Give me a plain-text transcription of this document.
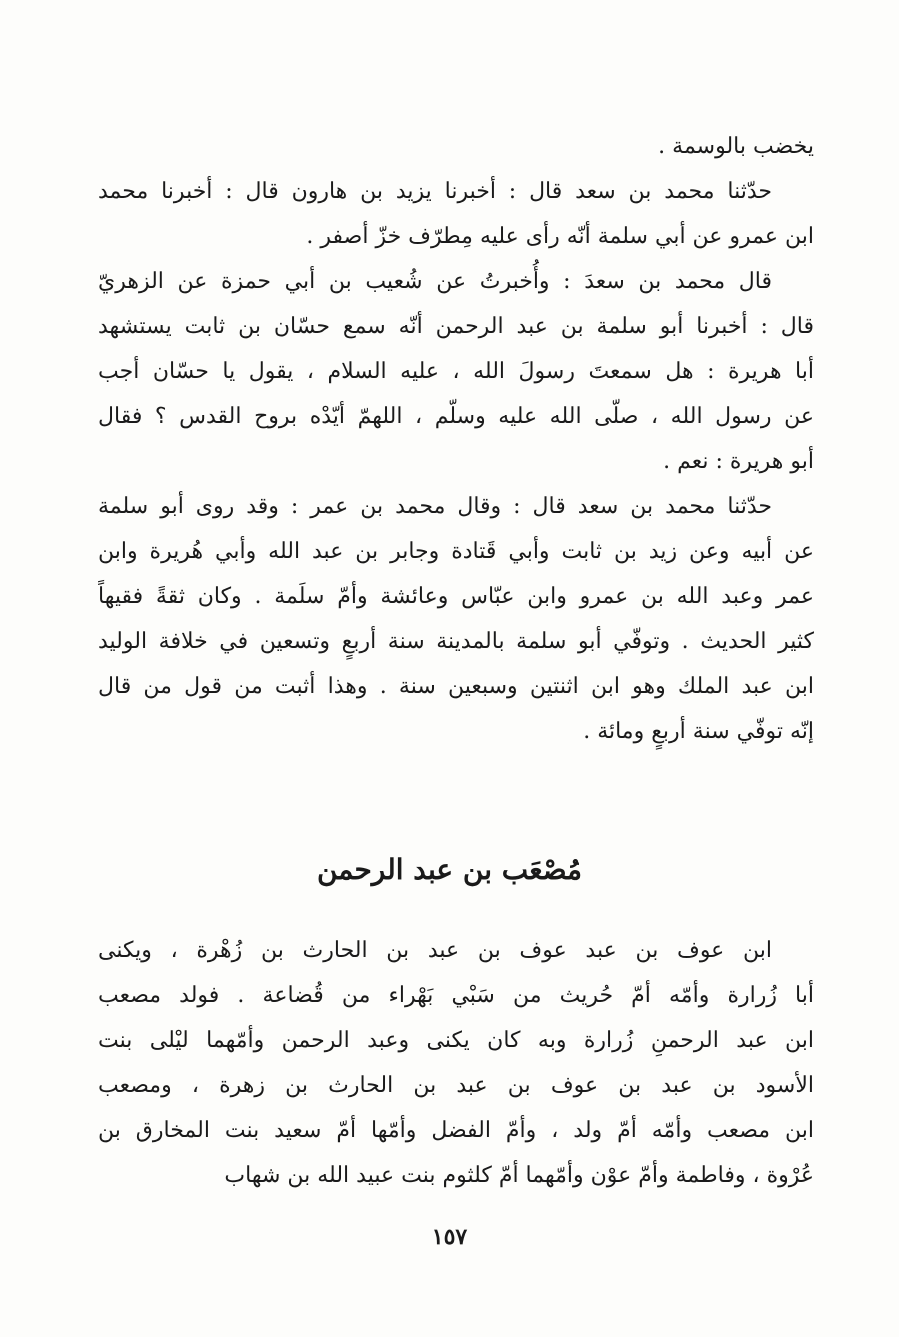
يخضب بالوسمة .
حدّثنا محمد بن سعد قال : أخبرنا يزيد بن هارون قال : أخبرنا محمد
ابن عمرو عن أبي سلمة أنّه رأى عليه مِطرّف خزّ أصفر .
قال محمد بن سعدَ : وأُخبرتُ عن شُعيب بن أبي حمزة عن الزهريّ
قال : أخبرنا أبو سلمة بن عبد الرحمن أنّه سمع حسّان بن ثابت يستشهد
أبا هريرة : هل سمعتَ رسولَ الله ، عليه السلام ، يقول يا حسّان أجب
عن رسول الله ، صلّى الله عليه وسلّم ، اللهمّ أيّدْه بروح القدس ؟ فقال
أبو هريرة : نعم .
حدّثنا محمد بن سعد قال : وقال محمد بن عمر : وقد روى أبو سلمة
عن أبيه وعن زيد بن ثابت وأبي قَتادة وجابر بن عبد الله وأبي هُريرة وابن
عمر وعبد الله بن عمرو وابن عبّاس وعائشة وأمّ سلَمة . وكان ثقةً فقيهاً
كثير الحديث . وتوفّي أبو سلمة بالمدينة سنة أربعٍ وتسعين في خلافة الوليد
ابن عبد الملك وهو ابن اثنتين وسبعين سنة . وهذا أثبت من قول من قال
إنّه توفّي سنة أربعٍ ومائة .
مُصْعَب بن عبد الرحمن
ابن عوف بن عبد عوف بن عبد بن الحارث بن زُهْرة ، ويكنى
أبا زُرارة وأمّه أمّ حُريث من سَبْي بَهْراء من قُضاعة . فولد مصعب
ابن عبد الرحمنِ زُرارة وبه كان يكنى وعبد الرحمن وأمّهما ليْلى بنت
الأسود بن عبد بن عوف بن عبد بن الحارث بن زهرة ، ومصعب
ابن مصعب وأمّه أمّ ولد ، وأمّ الفضل وأمّها أمّ سعيد بنت المخارق بن
عُرْوة ، وفاطمة وأمّ عوْن وأمّهما أمّ كلثوم بنت عبيد الله بن شهاب
١٥٧
